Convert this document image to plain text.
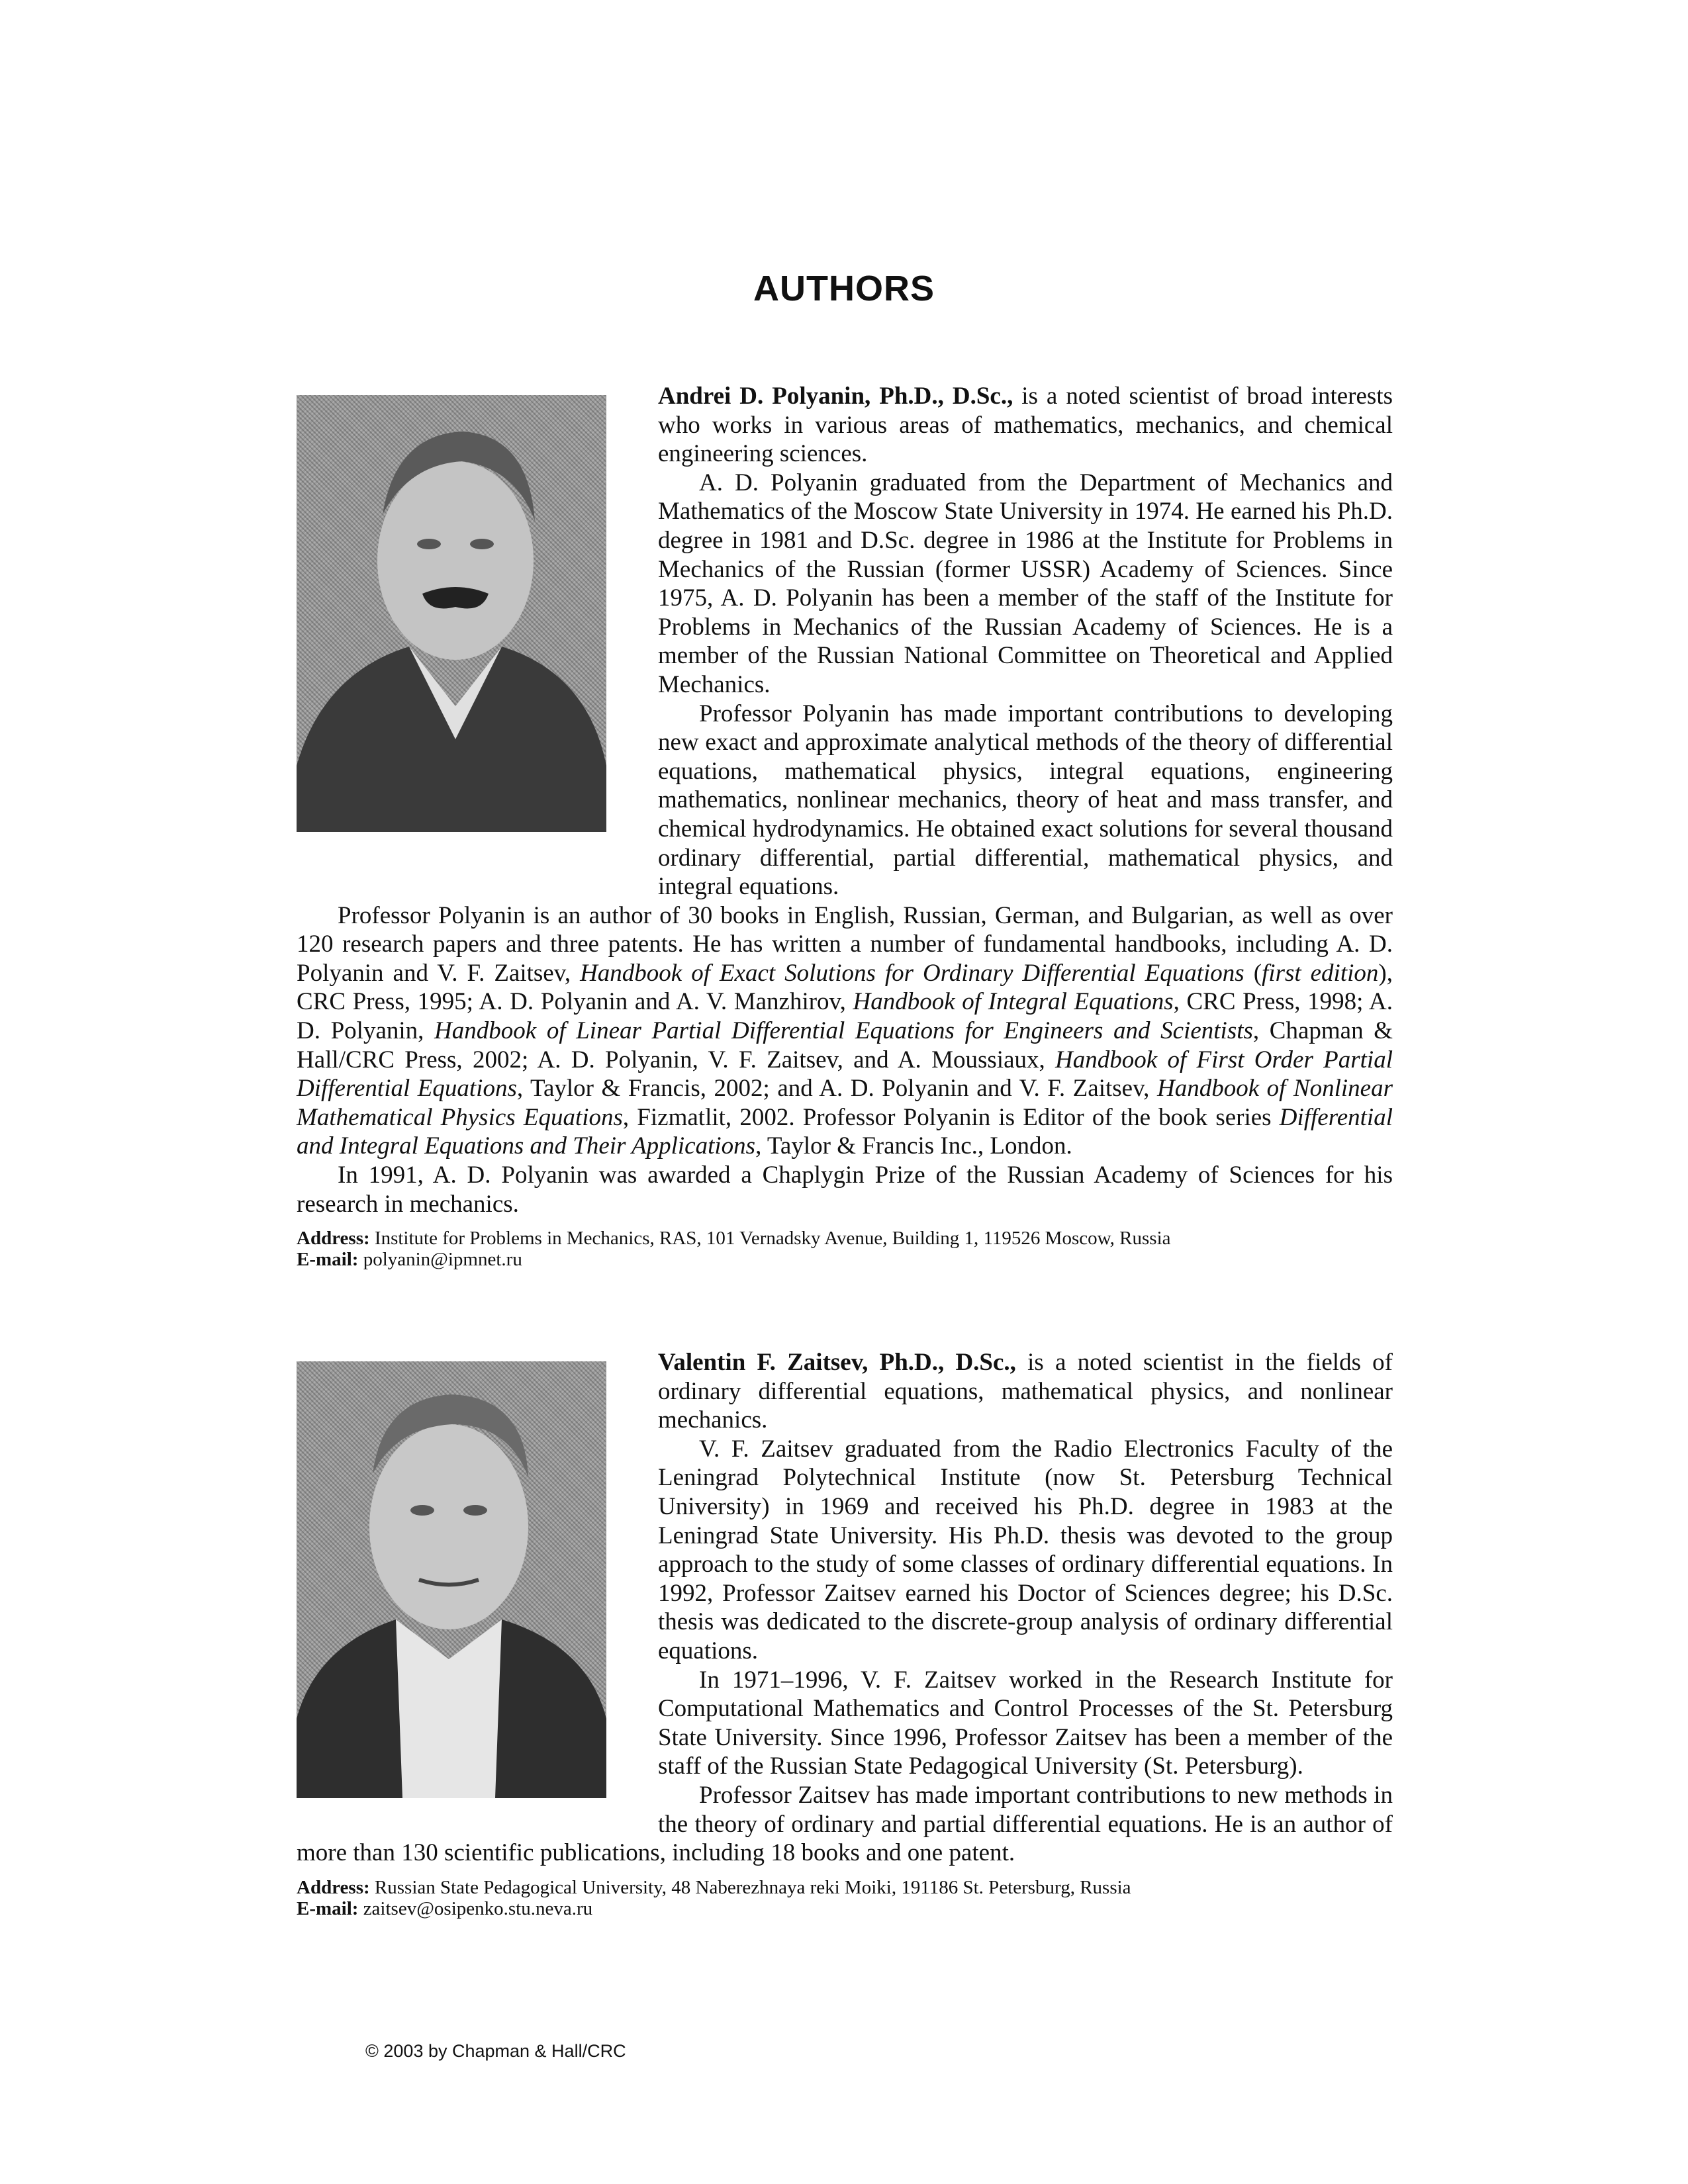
AUTHORS

Andrei D. Polyanin, Ph.D., D.Sc., is a noted scientist of broad interests who works in various areas of mathematics, mechanics, and chemical engineering sciences.

A. D. Polyanin graduated from the Department of Mechanics and Mathematics of the Moscow State University in 1974. He earned his Ph.D. degree in 1981 and D.Sc. degree in 1986 at the Institute for Problems in Mechanics of the Russian (former USSR) Academy of Sciences. Since 1975, A. D. Polyanin has been a member of the staff of the Institute for Problems in Mechanics of the Russian Academy of Sciences. He is a member of the Russian National Committee on Theoretical and Applied Mechanics.

Professor Polyanin has made important contributions to developing new exact and approximate analytical methods of the theory of differential equations, mathematical physics, integral equations, engineering mathematics, nonlinear mechanics, theory of heat and mass transfer, and chemical hydrodynamics. He obtained exact solutions for several thousand ordinary differential, partial differential, mathematical physics, and integral equations.

Professor Polyanin is an author of 30 books in English, Russian, German, and Bulgarian, as well as over 120 research papers and three patents. He has written a number of fundamental handbooks, including A. D. Polyanin and V. F. Zaitsev, Handbook of Exact Solutions for Ordinary Differential Equations (first edition), CRC Press, 1995; A. D. Polyanin and A. V. Manzhirov, Handbook of Integral Equations, CRC Press, 1998; A. D. Polyanin, Handbook of Linear Partial Differential Equations for Engineers and Scientists, Chapman & Hall/CRC Press, 2002; A. D. Polyanin, V. F. Zaitsev, and A. Moussiaux, Handbook of First Order Partial Differential Equations, Taylor & Francis, 2002; and A. D. Polyanin and V. F. Zaitsev, Handbook of Nonlinear Mathematical Physics Equations, Fizmatlit, 2002. Professor Polyanin is Editor of the book series Differential and Integral Equations and Their Applications, Taylor & Francis Inc., London.

In 1991, A. D. Polyanin was awarded a Chaplygin Prize of the Russian Academy of Sciences for his research in mechanics.

Address: Institute for Problems in Mechanics, RAS, 101 Vernadsky Avenue, Building 1, 119526 Moscow, Russia
E-mail: polyanin@ipmnet.ru

Valentin F. Zaitsev, Ph.D., D.Sc., is a noted scientist in the fields of ordinary differential equations, mathematical physics, and nonlinear mechanics.

V. F. Zaitsev graduated from the Radio Electronics Faculty of the Leningrad Polytechnical Institute (now St. Petersburg Technical University) in 1969 and received his Ph.D. degree in 1983 at the Leningrad State University. His Ph.D. thesis was devoted to the group approach to the study of some classes of ordinary differential equations. In 1992, Professor Zaitsev earned his Doctor of Sciences degree; his D.Sc. thesis was dedicated to the discrete-group analysis of ordinary differential equations.

In 1971–1996, V. F. Zaitsev worked in the Research Institute for Computational Mathematics and Control Processes of the St. Petersburg State University. Since 1996, Professor Zaitsev has been a member of the staff of the Russian State Pedagogical University (St. Petersburg).

Professor Zaitsev has made important contributions to new methods in the theory of ordinary and partial differential equations. He is an author of more than 130 scientific publications, including 18 books and one patent.

Address: Russian State Pedagogical University, 48 Naberezhnaya reki Moiki, 191186 St. Petersburg, Russia
E-mail: zaitsev@osipenko.stu.neva.ru
© 2003 by Chapman & Hall/CRC
